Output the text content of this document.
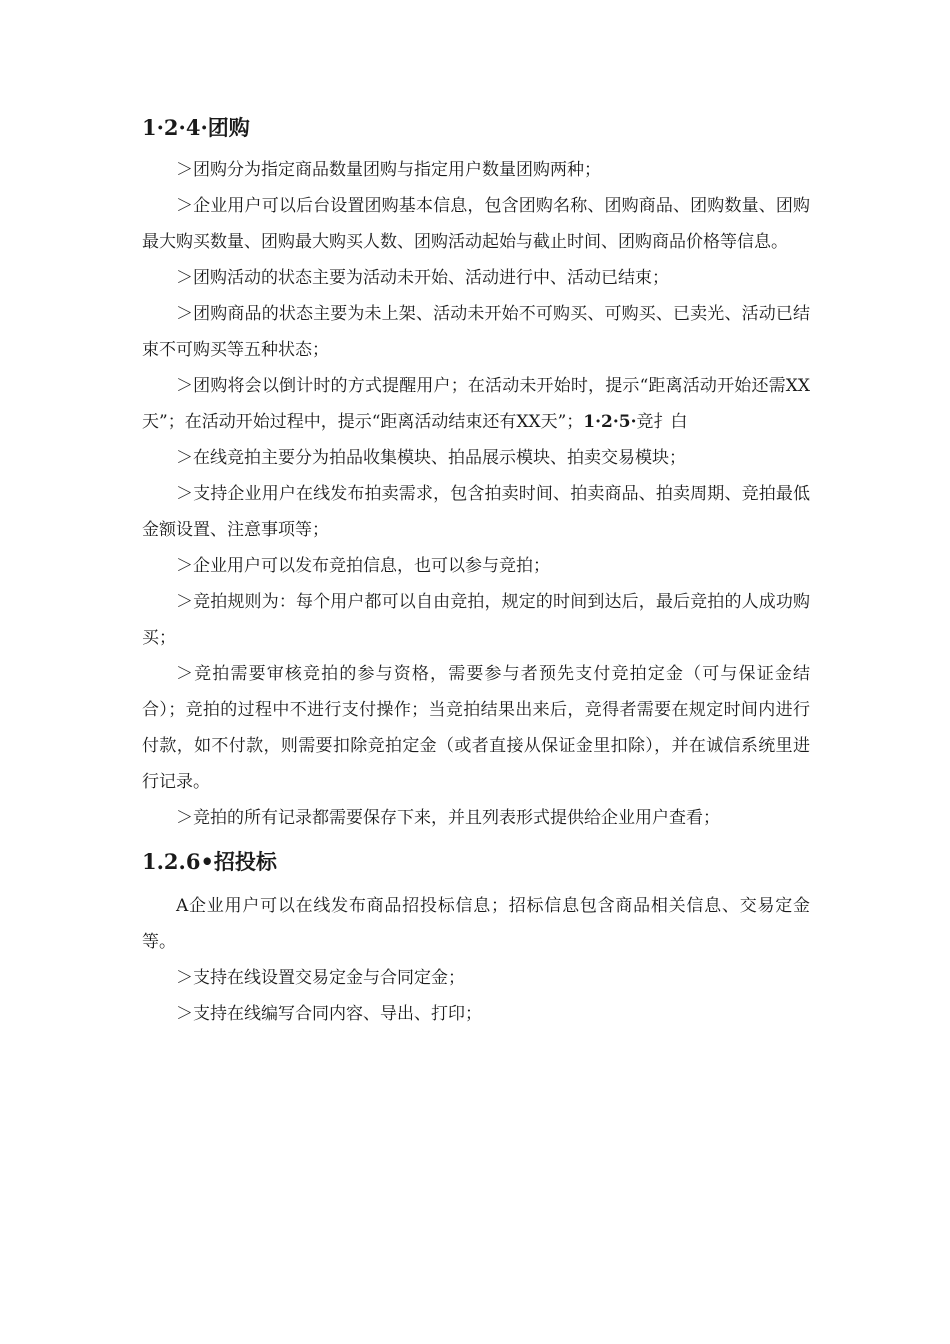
1·2·4·团购

＞团购分为指定商品数量团购与指定用户数量团购两种；

＞企业用户可以后台设置团购基本信息，包含团购名称、团购商品、团购数量、团购最大购买数量、团购最大购买人数、团购活动起始与截止时间、团购商品价格等信息。

＞团购活动的状态主要为活动未开始、活动进行中、活动已结束；

＞团购商品的状态主要为未上架、活动未开始不可购买、可购买、已卖光、活动已结束不可购买等五种状态；

＞团购将会以倒计时的方式提醒用户；在活动未开始时，提示“距离活动开始还需XX天”；在活动开始过程中，提示“距离活动结束还有XX天”；1·2·5·竞扌白

＞在线竞拍主要分为拍品收集模块、拍品展示模块、拍卖交易模块；

＞支持企业用户在线发布拍卖需求，包含拍卖时间、拍卖商品、拍卖周期、竞拍最低金额设置、注意事项等；

＞企业用户可以发布竞拍信息，也可以参与竞拍；

＞竞拍规则为：每个用户都可以自由竞拍，规定的时间到达后，最后竞拍的人成功购买；

＞竞拍需要审核竞拍的参与资格，需要参与者预先支付竞拍定金（可与保证金结合）；竞拍的过程中不进行支付操作；当竞拍结果出来后，竞得者需要在规定时间内进行付款，如不付款，则需要扣除竞拍定金（或者直接从保证金里扣除），并在诚信系统里进行记录。

＞竞拍的所有记录都需要保存下来，并且列表形式提供给企业用户查看；

1.2.6•招投标

A企业用户可以在线发布商品招投标信息；招标信息包含商品相关信息、交易定金等。

＞支持在线设置交易定金与合同定金；

＞支持在线编写合同内容、导出、打印；
